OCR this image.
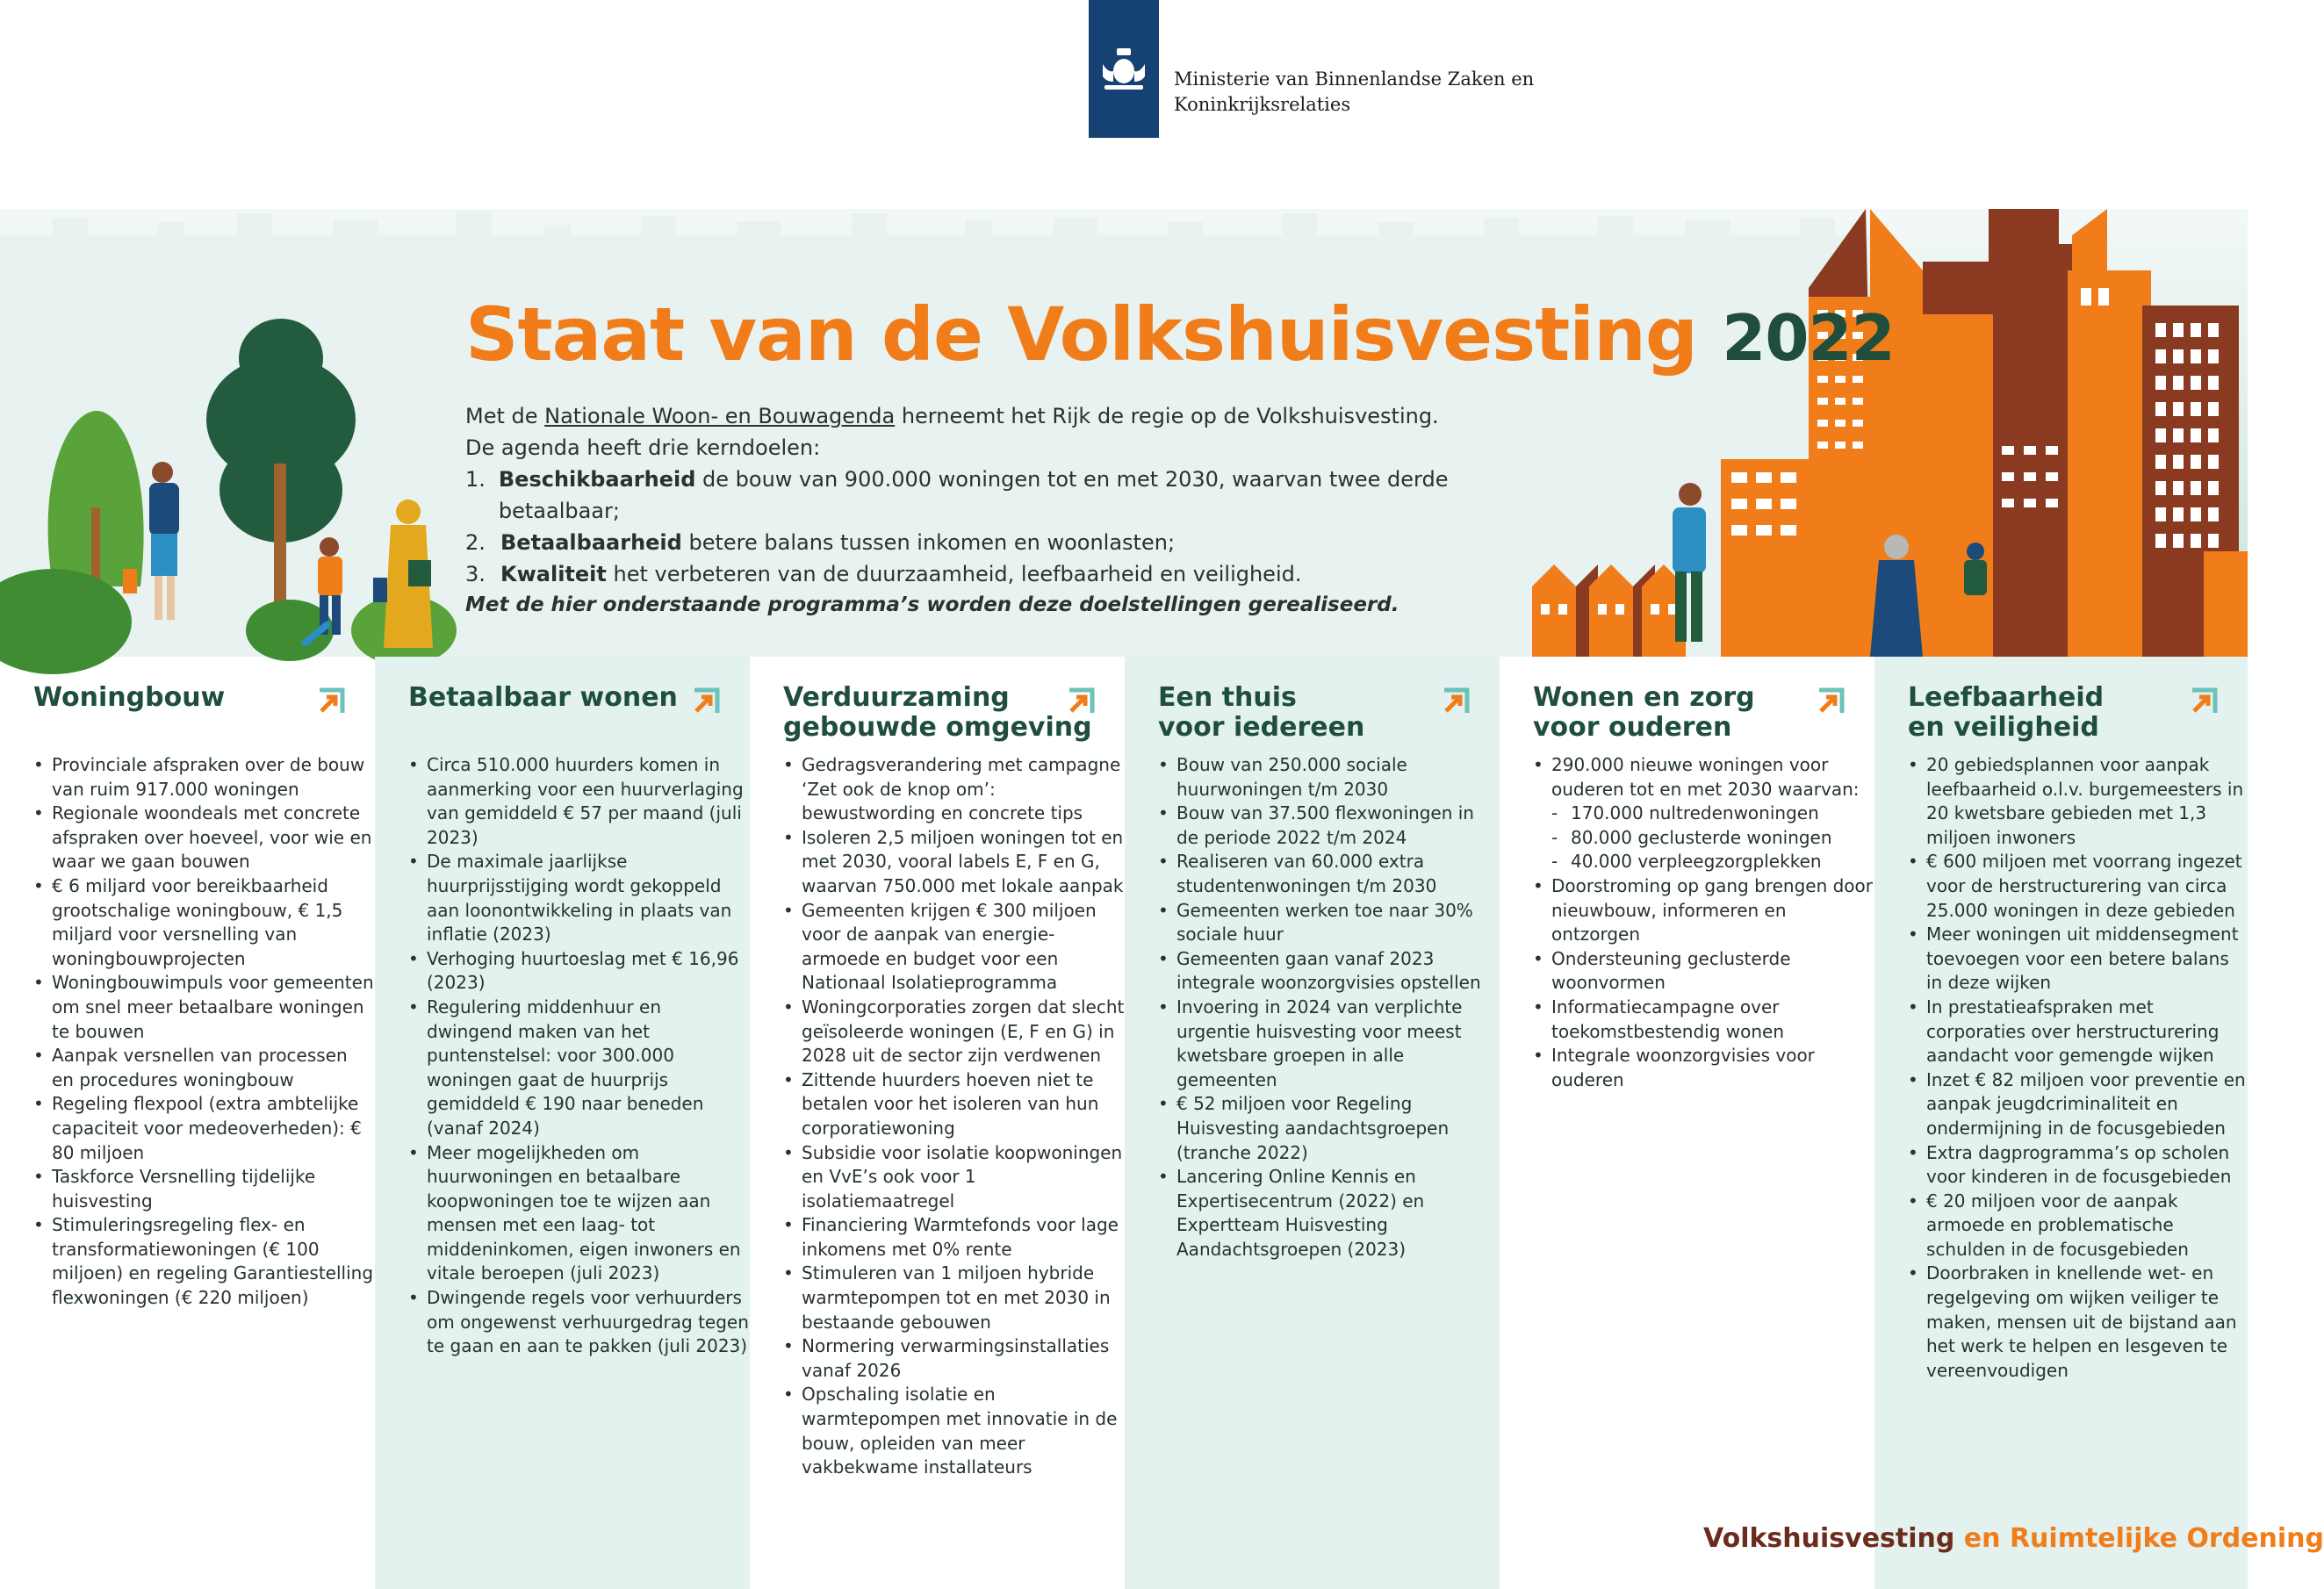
Ministerie van Binnenlandse Zaken en
Koninkrijksrelaties
Staat van de Volkshuisvesting 2022

Met de Nationale Woon- en Bouwagenda herneemt het Rijk de regie op de Volkshuisvesting.

De agenda heeft drie kerndoelen:

1. Beschikbaarheid de bouw van 900.000 woningen tot en met 2030, waarvan twee derde betaalbaar;
2. Betaalbaarheid betere balans tussen inkomen en woonlasten;
3. Kwaliteit het verbeteren van de duurzaamheid, leefbaarheid en veiligheid.
Met de hier onderstaande programma’s worden deze doelstellingen gerealiseerd.
Woningbouw
• Provinciale afspraken over de bouw van ruim 917.000 woningen
• Regionale woondeals met concrete afspraken over hoeveel, voor wie en waar we gaan bouwen
• € 6 miljard voor bereikbaarheid grootschalige woningbouw, € 1,5 miljard voor versnelling van woningbouwprojecten
• Woningbouwimpuls voor gemeenten om snel meer betaalbare woningen te bouwen
• Aanpak versnellen van processen en procedures woningbouw
• Regeling flexpool (extra ambtelijke capaciteit voor medeoverheden): € 80 miljoen
• Taskforce Versnelling tijdelijke huisvesting
• Stimuleringsregeling flex- en transformatiewoningen (€ 100 miljoen) en regeling Garantiestelling flexwoningen (€ 220 miljoen)
Betaalbaar wonen
• Circa 510.000 huurders komen in aanmerking voor een huurverlaging van gemiddeld € 57 per maand (juli 2023)
• De maximale jaarlijkse huurprijsstijging wordt gekoppeld aan loonontwikkeling in plaats van inflatie (2023)
• Verhoging huurtoeslag met € 16,96 (2023)
• Regulering middenhuur en dwingend maken van het puntenstelsel: voor 300.000 woningen gaat de huurprijs gemiddeld € 190 naar beneden (vanaf 2024)
• Meer mogelijkheden om huurwoningen en betaalbare koopwoningen toe te wijzen aan mensen met een laag- tot middeninkomen, eigen inwoners en vitale beroepen (juli 2023)
• Dwingende regels voor verhuurders om ongewenst verhuurgedrag tegen te gaan en aan te pakken (juli 2023)
Verduurzaming
gebouwde omgeving
• Gedragsverandering met campagne ‘Zet ook de knop om’: bewustwording en concrete tips
• Isoleren 2,5 miljoen woningen tot en met 2030, vooral labels E, F en G, waarvan 750.000 met lokale aanpak
• Gemeenten krijgen € 300 miljoen voor de aanpak van energie-armoede en budget voor een Nationaal Isolatieprogramma
• Woningcorporaties zorgen dat slecht geïsoleerde woningen (E, F en G) in 2028 uit de sector zijn verdwenen
• Zittende huurders hoeven niet te betalen voor het isoleren van hun corporatiewoning
• Subsidie voor isolatie koopwoningen en VvE’s ook voor 1 isolatiemaatregel
• Financiering Warmtefonds voor lage inkomens met 0% rente
• Stimuleren van 1 miljoen hybride warmtepompen tot en met 2030 in bestaande gebouwen
• Normering verwarmingsinstallaties vanaf 2026
• Opschaling isolatie en warmtepompen met innovatie in de bouw, opleiden van meer vakbekwame installateurs
Een thuis
voor iedereen
• Bouw van 250.000 sociale huurwoningen t/m 2030
• Bouw van 37.500 flexwoningen in de periode 2022 t/m 2024
• Realiseren van 60.000 extra studentenwoningen t/m 2030
• Gemeenten werken toe naar 30% sociale huur
• Gemeenten gaan vanaf 2023 integrale woonzorgvisies opstellen
• Invoering in 2024 van verplichte urgentie huisvesting voor meest kwetsbare groepen in alle gemeenten
• € 52 miljoen voor Regeling Huisvesting aandachtsgroepen (tranche 2022)
• Lancering Online Kennis en Expertisecentrum (2022) en Expertteam Huisvesting Aandachtsgroepen (2023)
Wonen en zorg
voor ouderen
• 290.000 nieuwe woningen voor ouderen tot en met 2030 waarvan:
- 170.000 nultredenwoningen
- 80.000 geclusterde woningen
- 40.000 verpleegzorgplekken
• Doorstroming op gang brengen door nieuwbouw, informeren en ontzorgen
• Ondersteuning geclusterde woonvormen
• Informatiecampagne over toekomstbestendig wonen
• Integrale woonzorgvisies voor ouderen
Leefbaarheid
en veiligheid
• 20 gebiedsplannen voor aanpak leefbaarheid o.l.v. burgemeesters in 20 kwetsbare gebieden met 1,3 miljoen inwoners
• € 600 miljoen met voorrang ingezet voor de herstructurering van circa 25.000 woningen in deze gebieden
• Meer woningen uit middensegment toevoegen voor een betere balans in deze wijken
• In prestatieafspraken met corporaties over herstructurering aandacht voor gemengde wijken
• Inzet € 82 miljoen voor preventie en aanpak jeugdcriminaliteit en ondermijning in de focusgebieden
• Extra dagprogramma’s op scholen voor kinderen in de focusgebieden
• € 20 miljoen voor de aanpak armoede en problematische schulden in de focusgebieden
• Doorbraken in knellende wet- en regelgeving om wijken veiliger te maken, mensen uit de bijstand aan het werk te helpen en lesgeven te vereenvoudigen
Volkshuisvesting en Ruimtelijke Ordening
